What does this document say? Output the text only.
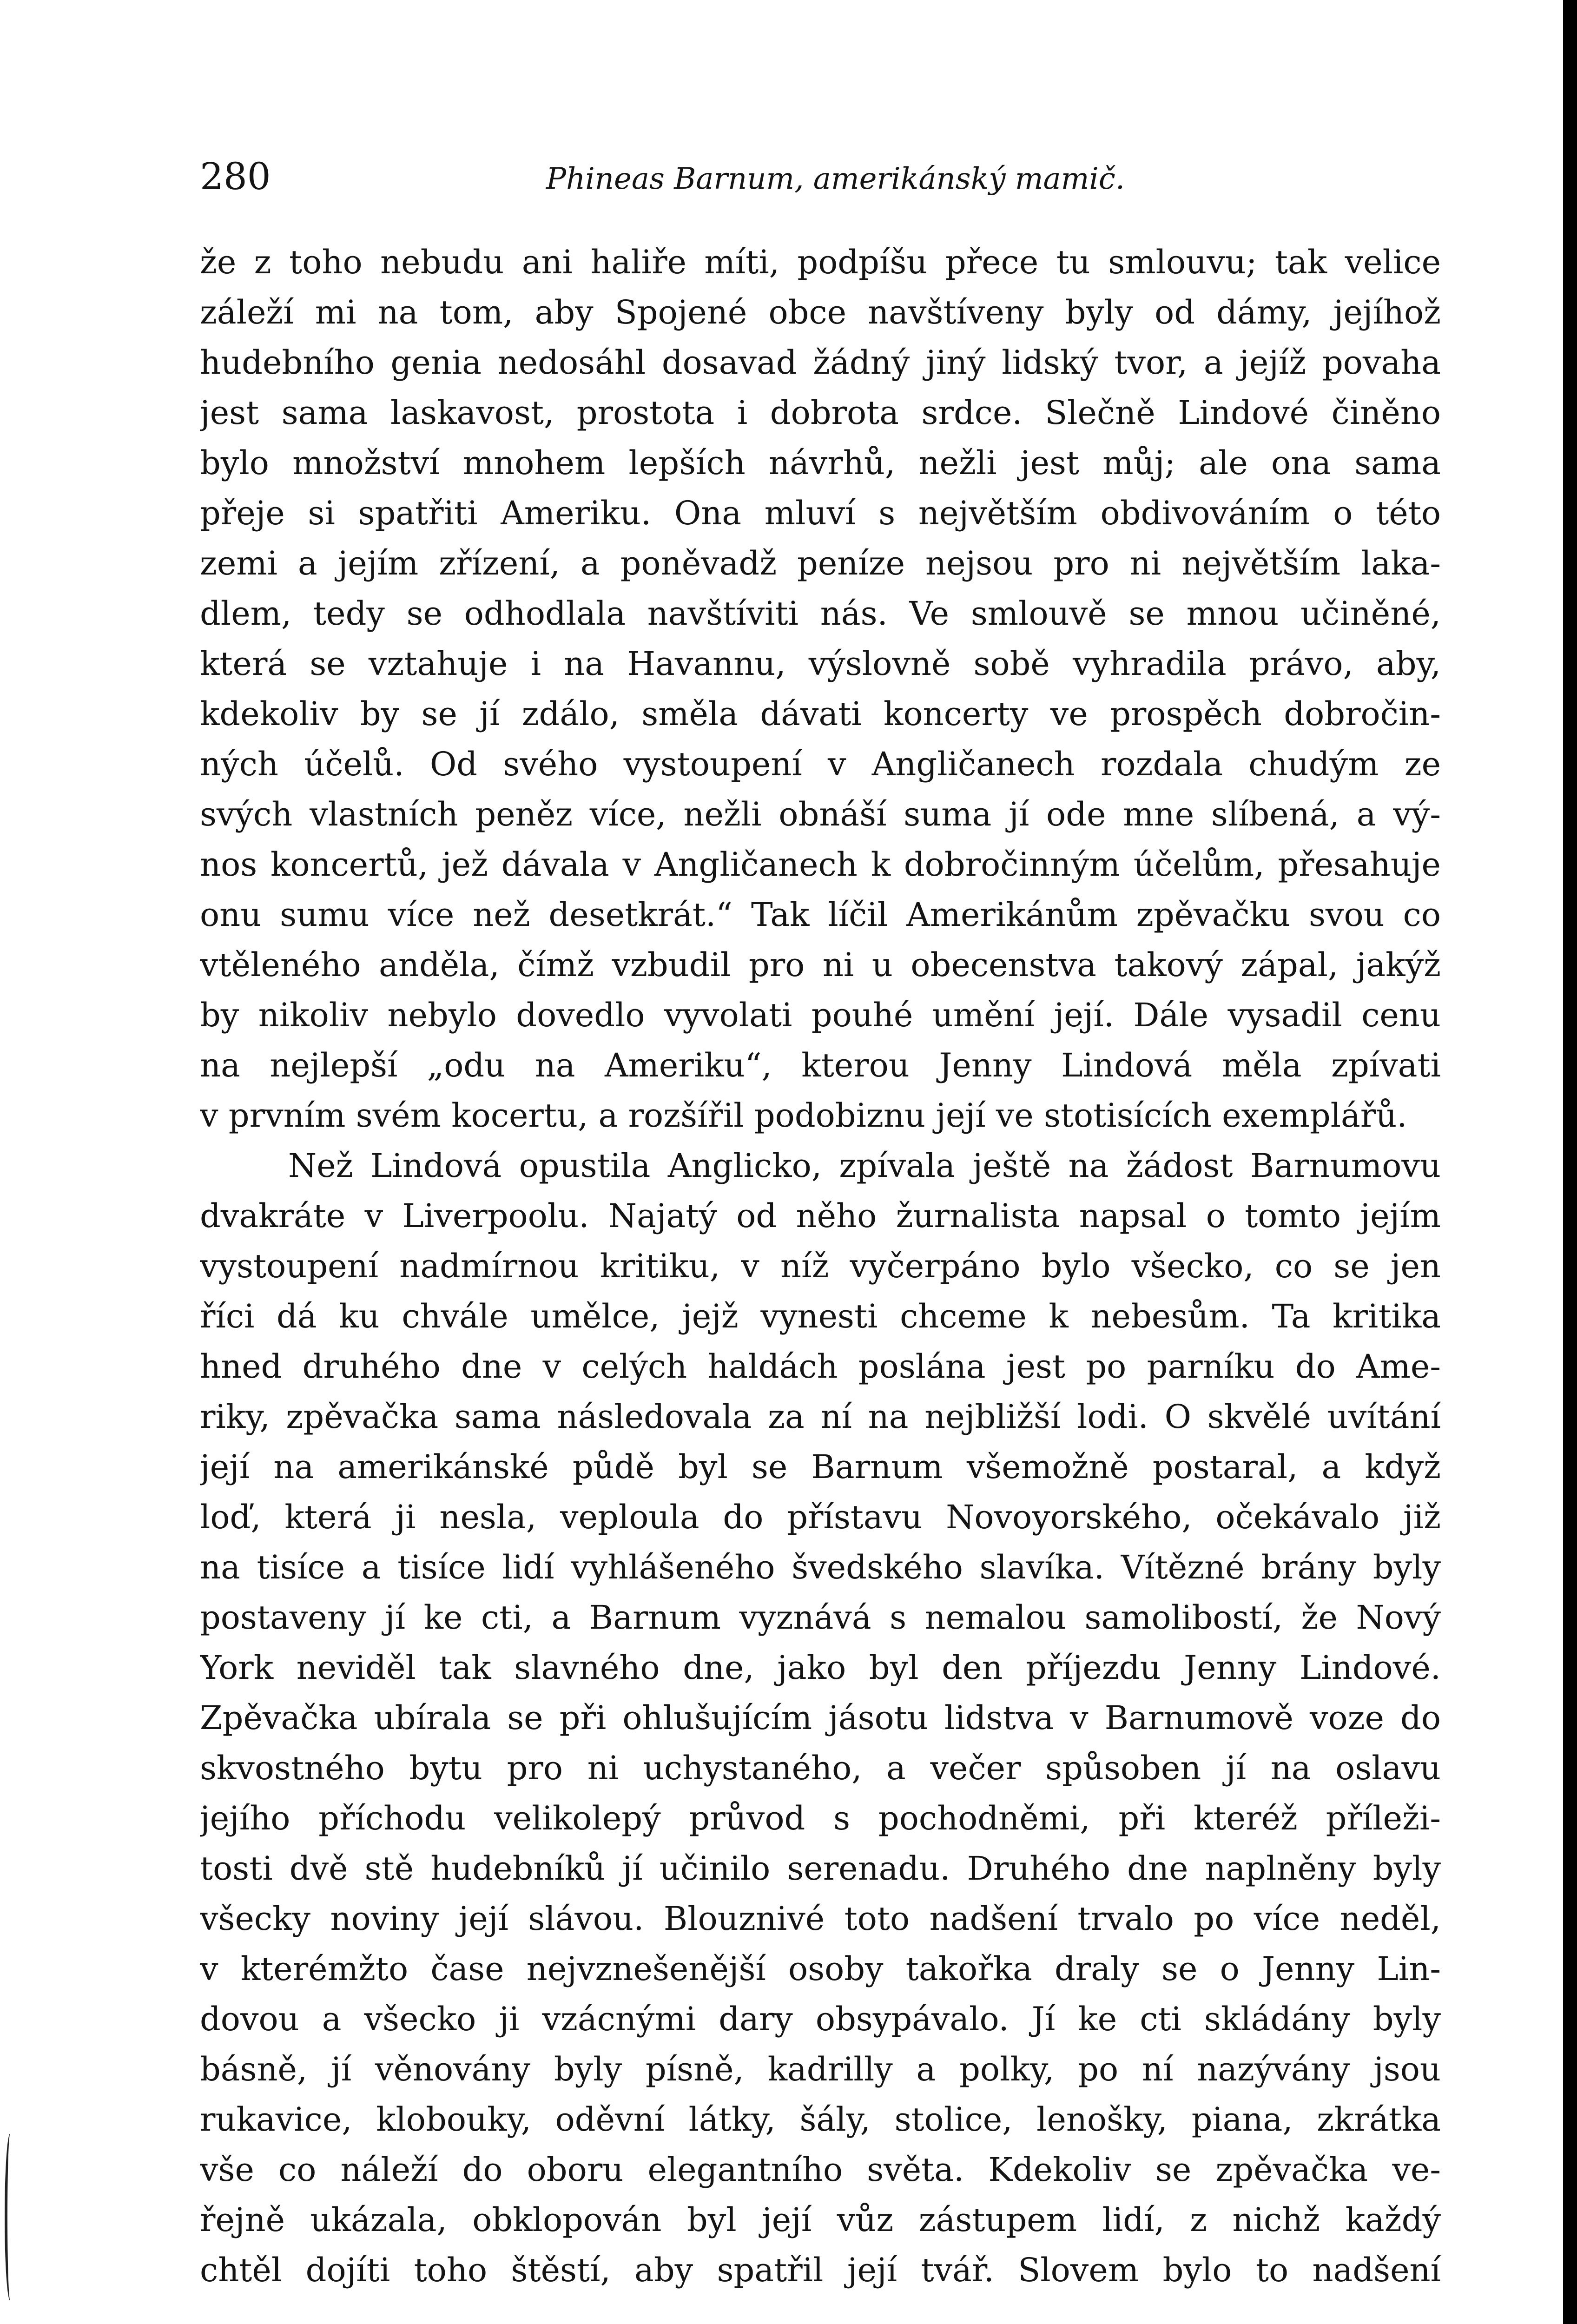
280	Phineas Barnum, amerikánský mamič.
že z toho nebudu ani haliře míti, podpíšu přece tu smlouvu; tak velice
záleží mi na tom, aby Spojené obce navštíveny byly od dámy, jejíhož
hudebního genia nedosáhl dosavad žádný jiný lidský tvor, a jejíž povaha
jest sama laskavost, prostota i dobrota srdce. Slečně Lindové činěno
bylo množství mnohem lepších návrhů, nežli jest můj; ale ona sama
přeje si spatřiti Ameriku. Ona mluví s největším obdivováním o této
zemi a jejím zřízení, a poněvadž peníze nejsou pro ni největším laka-
dlem, tedy se odhodlala navštíviti nás. Ve smlouvě se mnou učiněné,
která se vztahuje i na Havannu, výslovně sobě vyhradila právo, aby,
kdekoliv by se jí zdálo, směla dávati koncerty ve prospěch dobročin-
ných účelů. Od svého vystoupení v Angličanech rozdala chudým ze
svých vlastních peněz více, nežli obnáší suma jí ode mne slíbená, a vý-
nos koncertů, jež dávala v Angličanech k dobročinným účelům, přesahuje
onu sumu více než desetkrát.“ Tak líčil Amerikánům zpěvačku svou co
vtěleného anděla, čímž vzbudil pro ni u obecenstva takový zápal, jakýž
by nikoliv nebylo dovedlo vyvolati pouhé umění její. Dále vysadil cenu
na nejlepší „odu na Ameriku“, kterou Jenny Lindová měla zpívati
v prvním svém kocertu, a rozšířil podobiznu její ve stotisících exemplářů.
Než Lindová opustila Anglicko, zpívala ještě na žádost Barnumovu
dvakráte v Liverpoolu. Najatý od něho žurnalista napsal o tomto jejím
vystoupení nadmírnou kritiku, v níž vyčerpáno bylo všecko, co se jen
říci dá ku chvále umělce, jejž vynesti chceme k nebesům. Ta kritika
hned druhého dne v celých haldách poslána jest po parníku do Ame-
riky, zpěvačka sama následovala za ní na nejbližší lodi. O skvělé uvítání
její na amerikánské půdě byl se Barnum všemožně postaral, a když
loď, která ji nesla, veploula do přístavu Novoyorského, očekávalo již
na tisíce a tisíce lidí vyhlášeného švedského slavíka. Vítězné brány byly
postaveny jí ke cti, a Barnum vyznává s nemalou samolibostí, že Nový
York neviděl tak slavného dne, jako byl den příjezdu Jenny Lindové.
Zpěvačka ubírala se při ohlušujícím jásotu lidstva v Barnumově voze do
skvostného bytu pro ni uchystaného, a večer spůsoben jí na oslavu
jejího příchodu velikolepý průvod s pochodněmi, při kteréž příleži-
tosti dvě stě hudebníků jí učinilo serenadu. Druhého dne naplněny byly
všecky noviny její slávou. Blouznivé toto nadšení trvalo po více neděl,
v kterémžto čase nejvznešenější osoby takořka draly se o Jenny Lin-
dovou a všecko ji vzácnými dary obsypávalo. Jí ke cti skládány byly
básně, jí věnovány byly písně, kadrilly a polky, po ní nazývány jsou
rukavice, klobouky, oděvní látky, šály, stolice, lenošky, piana, zkrátka
vše co náleží do oboru elegantního světa. Kdekoliv se zpěvačka ve-
řejně ukázala, obklopován byl její vůz zástupem lidí, z nichž každý
chtěl dojíti toho štěstí, aby spatřil její tvář. Slovem bylo to nadšení
